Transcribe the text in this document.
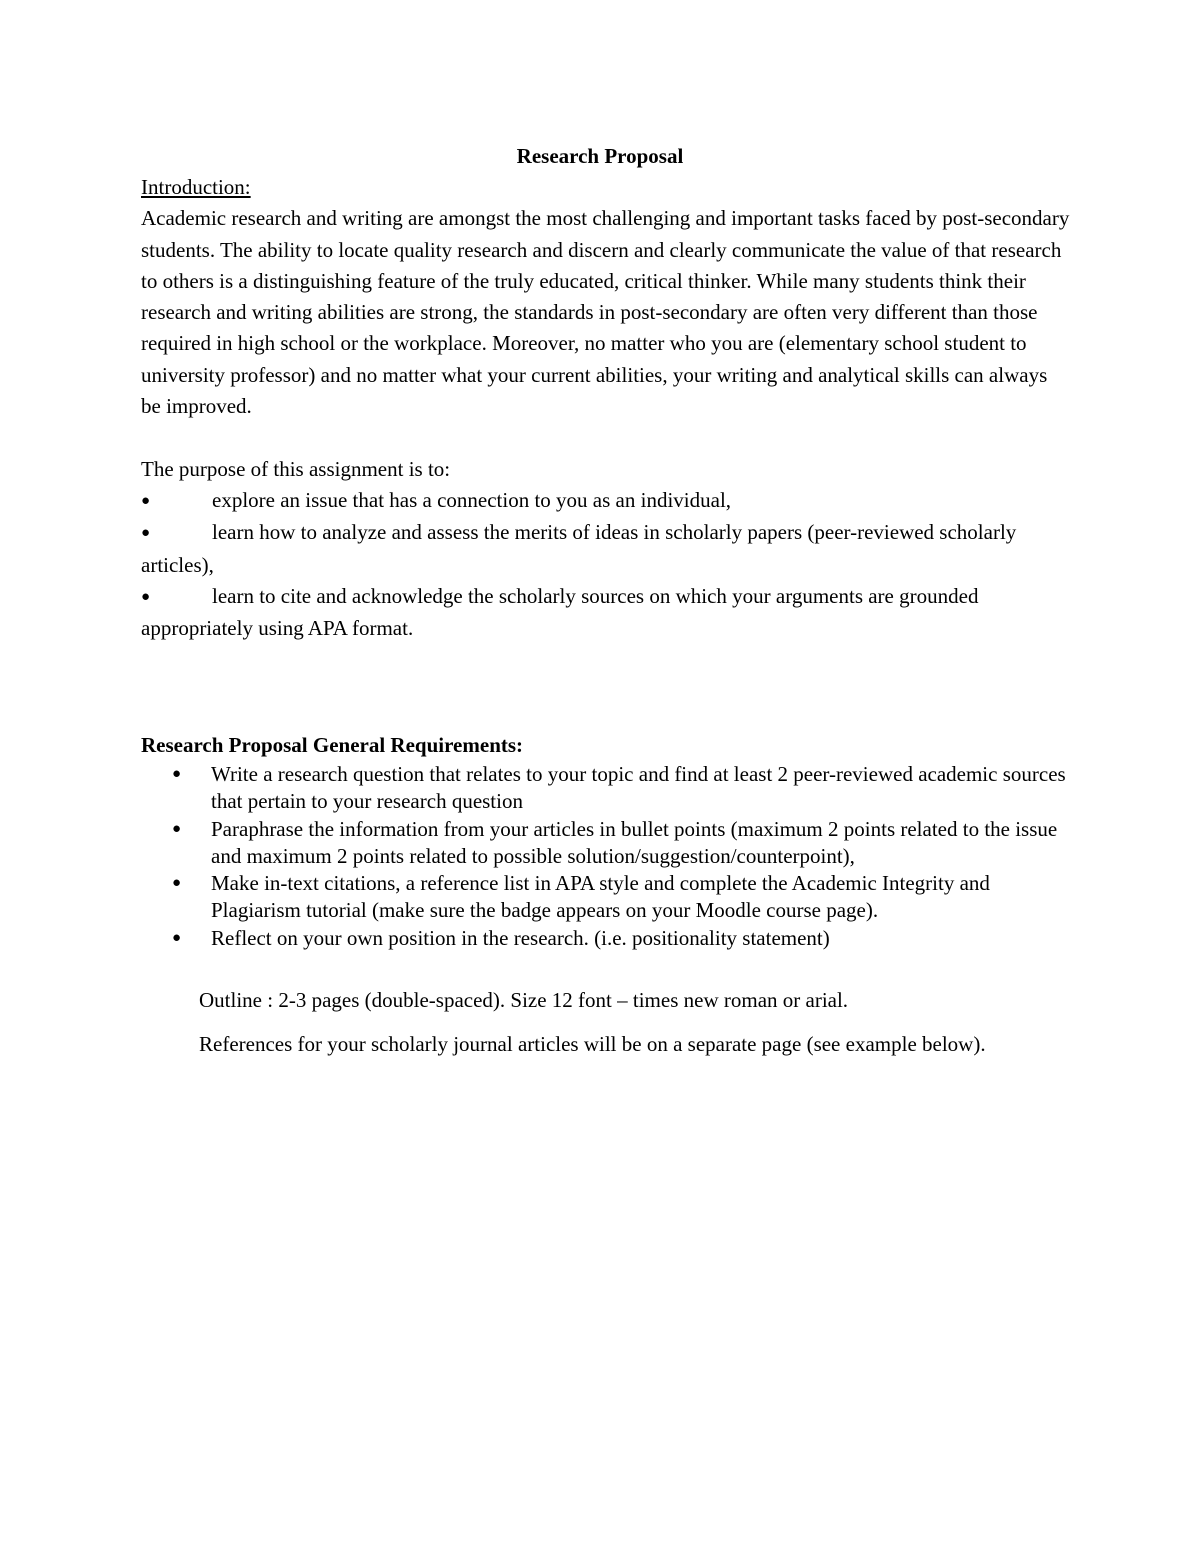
Research Proposal

Introduction:

Academic research and writing are amongst the most challenging and important tasks faced by post-secondary students. The ability to locate quality research and discern and clearly communicate the value of that research to others is a distinguishing feature of the truly educated, critical thinker. While many students think their research and writing abilities are strong, the standards in post-secondary are often very different than those required in high school or the workplace. Moreover, no matter who you are (elementary school student to university professor) and no matter what your current abilities, your writing and analytical skills can always be improved.

The purpose of this assignment is to:

●	explore an issue that has a connection to you as an individual,
●	learn how to analyze and assess the merits of ideas in scholarly papers (peer-reviewed scholarly articles),
●	learn to cite and acknowledge the scholarly sources on which your arguments are grounded appropriately using APA format.
Research Proposal General Requirements:
● Write a research question that relates to your topic and find at least 2 peer-reviewed academic sources that pertain to your research question
● Paraphrase the information from your articles in bullet points (maximum 2 points related to the issue and maximum 2 points related to possible solution/suggestion/counterpoint),
● Make in-text citations, a reference list in APA style and complete the Academic Integrity and Plagiarism tutorial (make sure the badge appears on your Moodle course page).
● Reflect on your own position in the research. (i.e. positionality statement)

Outline : 2-3 pages (double-spaced). Size 12 font – times new roman or arial.

References for your scholarly journal articles will be on a separate page (see example below).
